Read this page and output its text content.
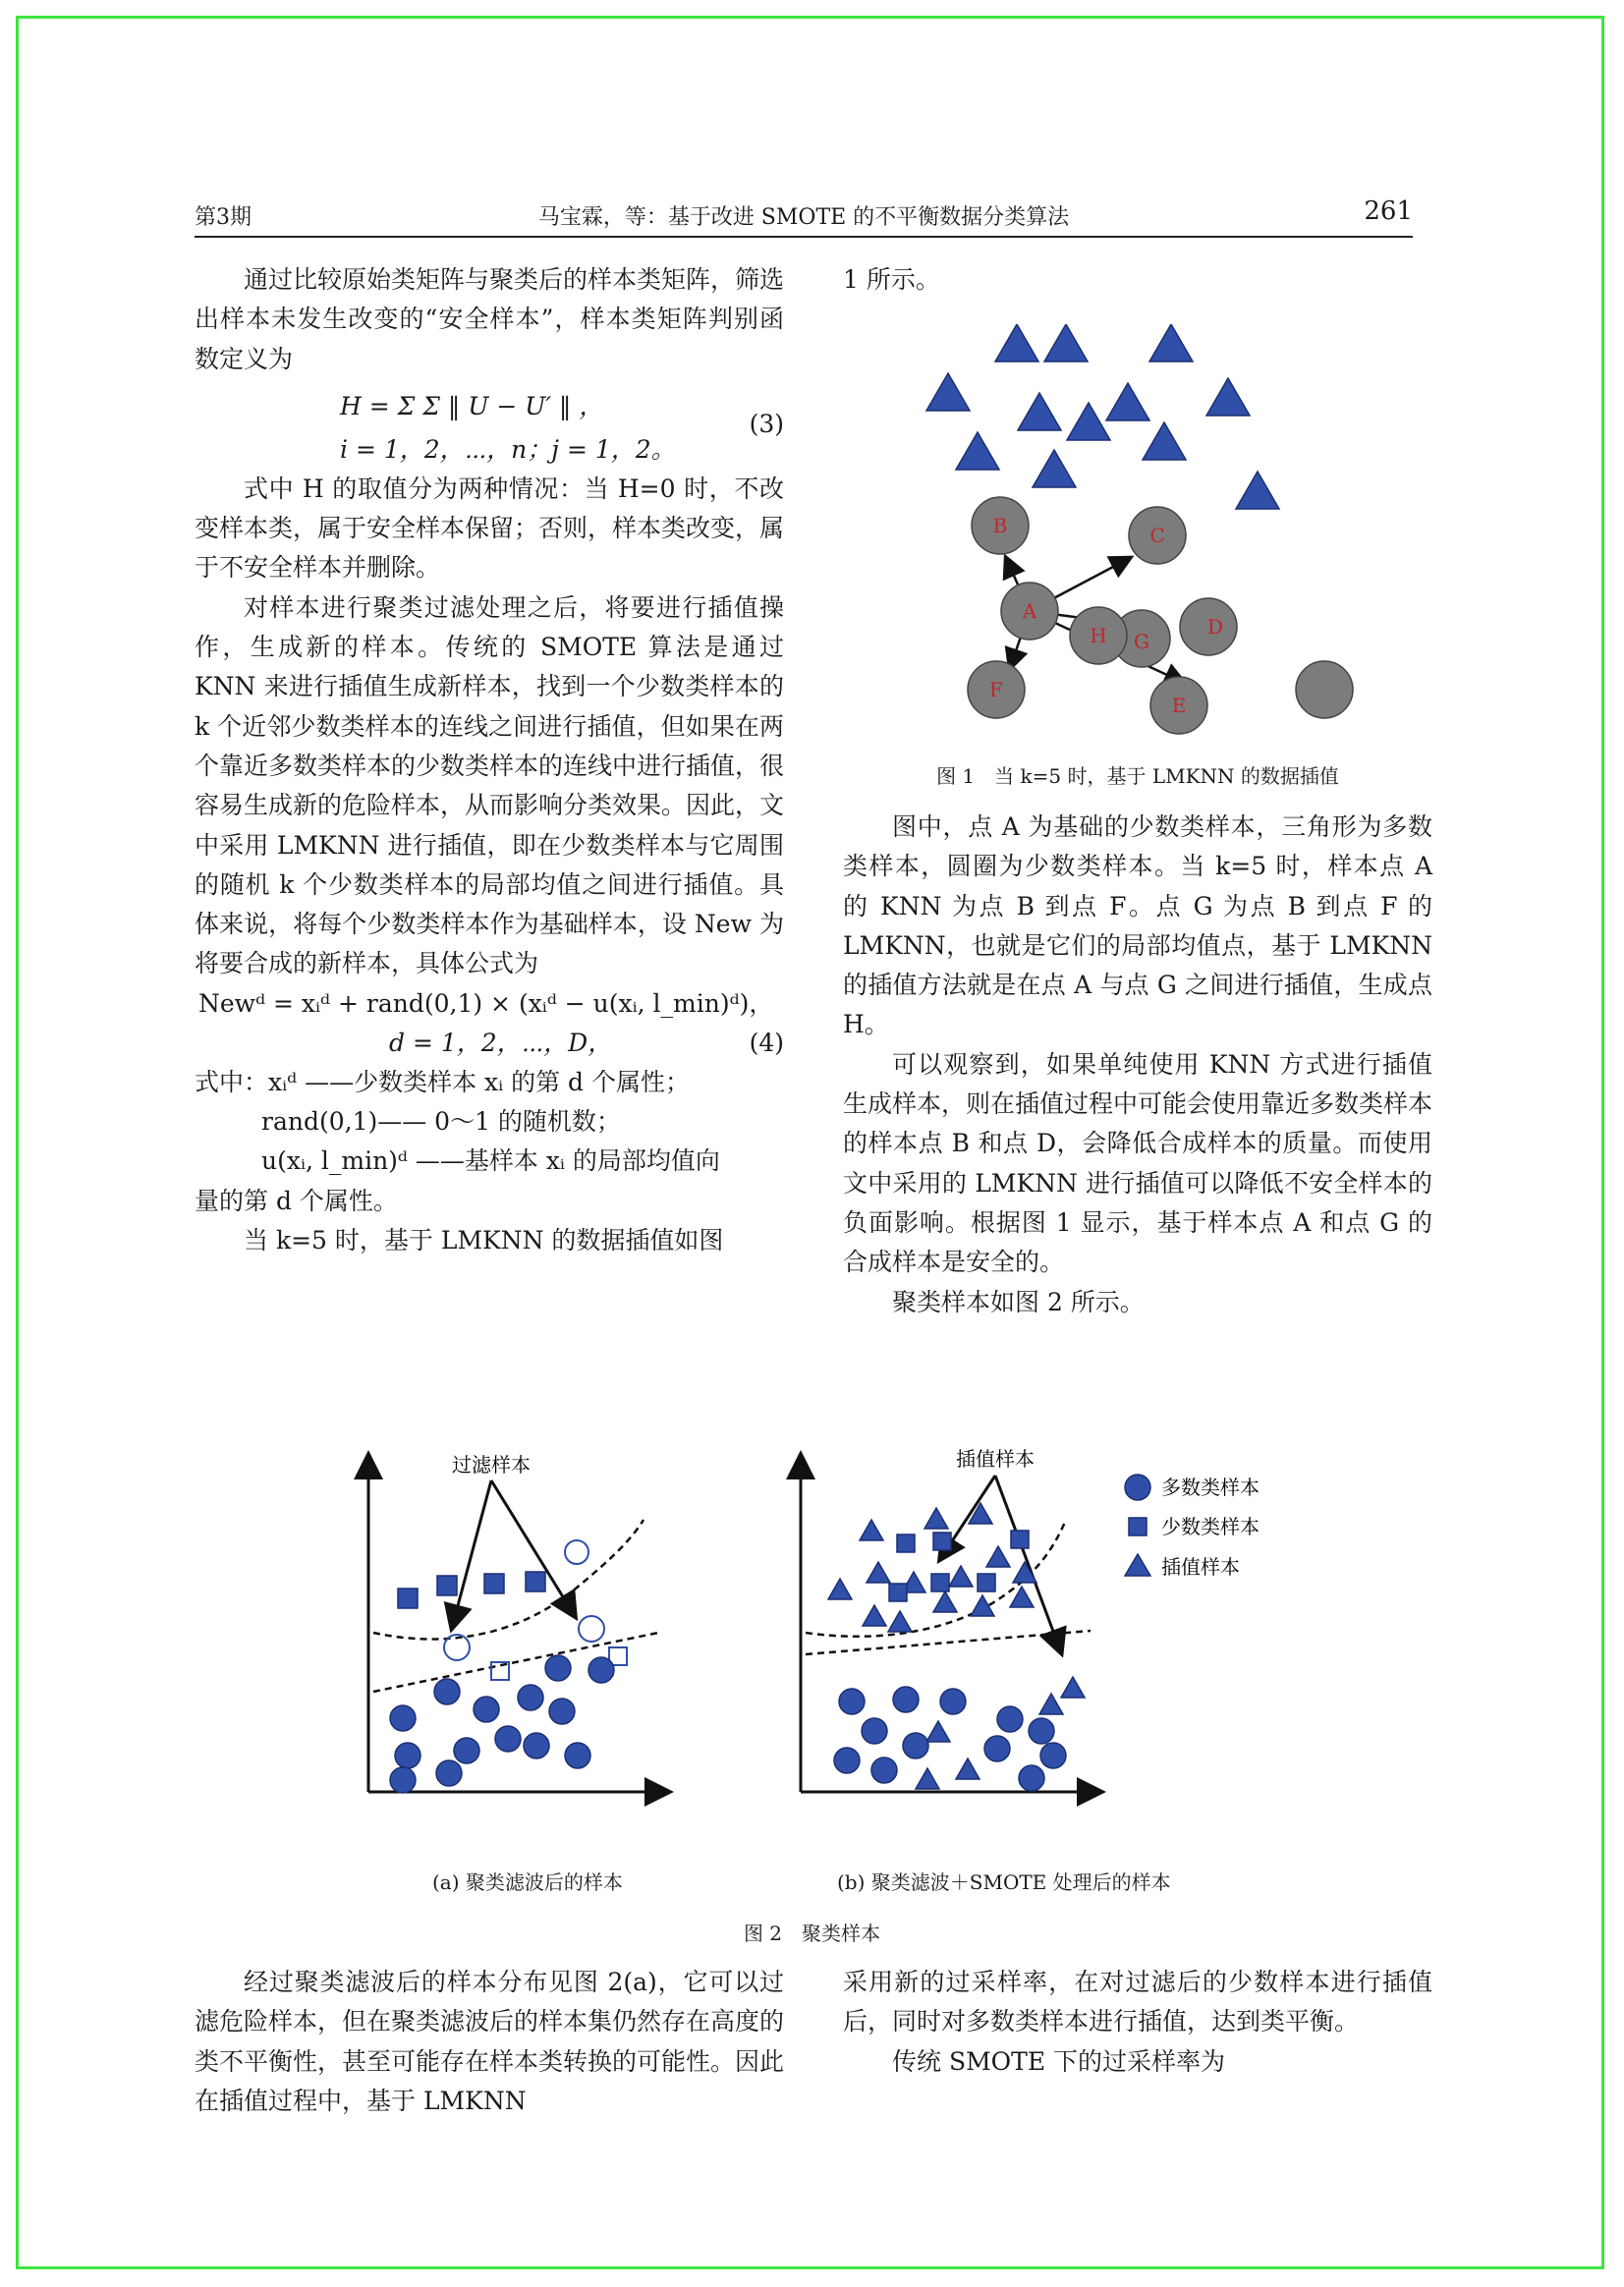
第3期	马宝霖，等：基于改进 SMOTE 的不平衡数据分类算法	261

通过比较原始类矩阵与聚类后的样本类矩阵，筛选出样本未发生改变的“安全样本”，样本类矩阵判别函数定义为

H = Σ Σ ‖ U − U′ ‖ ，
(3)
i = 1，2，⋯，n；j = 1，2。

式中 H 的取值分为两种情况：当 H=0 时，不改变样本类，属于安全样本保留；否则，样本类改变，属于不安全样本并删除。

对样本进行聚类过滤处理之后，将要进行插值操作，生成新的样本。传统的 SMOTE 算法是通过 KNN 来进行插值生成新样本，找到一个少数类样本的 k 个近邻少数类样本的连线之间进行插值，但如果在两个靠近多数类样本的少数类样本的连线中进行插值，很容易生成新的危险样本，从而影响分类效果。因此，文中采用 LMKNN 进行插值，即在少数类样本与它周围的随机 k 个少数类样本的局部均值之间进行插值。具体来说，将每个少数类样本作为基础样本，设 New 为将要合成的新样本，具体公式为

Newᵈ = xᵢᵈ + rand(0,1) × (xᵢᵈ − u(xᵢ, l_min)ᵈ)，
d = 1，2，⋯，D，	(4)

式中：xᵢᵈ ——少数类样本 xᵢ 的第 d 个属性；

rand(0,1)—— 0～1 的随机数；

u(xᵢ, l_min)ᵈ ——基样本 xᵢ 的局部均值向

量的第 d 个属性。

当 k=5 时，基于 LMKNN 的数据插值如图

1 所示。

B	C
A
H G
D
F
E
图 1　当 k=5 时，基于 LMKNN 的数据插值

图中，点 A 为基础的少数类样本，三角形为多数类样本，圆圈为少数类样本。当 k=5 时，样本点 A 的 KNN 为点 B 到点 F。点 G 为点 B 到点 F 的 LMKNN，也就是它们的局部均值点，基于 LMKNN 的插值方法就是在点 A 与点 G 之间进行插值，生成点 H。

可以观察到，如果单纯使用 KNN 方式进行插值生成样本，则在插值过程中可能会使用靠近多数类样本的样本点 B 和点 D，会降低合成样本的质量。而使用文中采用的 LMKNN 进行插值可以降低不安全样本的负面影响。根据图 1 显示，基于样本点 A 和点 G 的合成样本是安全的。

聚类样本如图 2 所示。

过滤样本	插值样本
多数类样本
少数类样本
插值样本
(a) 聚类滤波后的样本	(b) 聚类滤波＋SMOTE 处理后的样本
图 2　聚类样本

经过聚类滤波后的样本分布见图 2(a)，它可以过滤危险样本，但在聚类滤波后的样本集仍然存在高度的类不平衡性，甚至可能存在样本类转换的可能性。因此在插值过程中，基于 LMKNN

采用新的过采样率，在对过滤后的少数样本进行插值后，同时对多数类样本进行插值，达到类平衡。

传统 SMOTE 下的过采样率为
